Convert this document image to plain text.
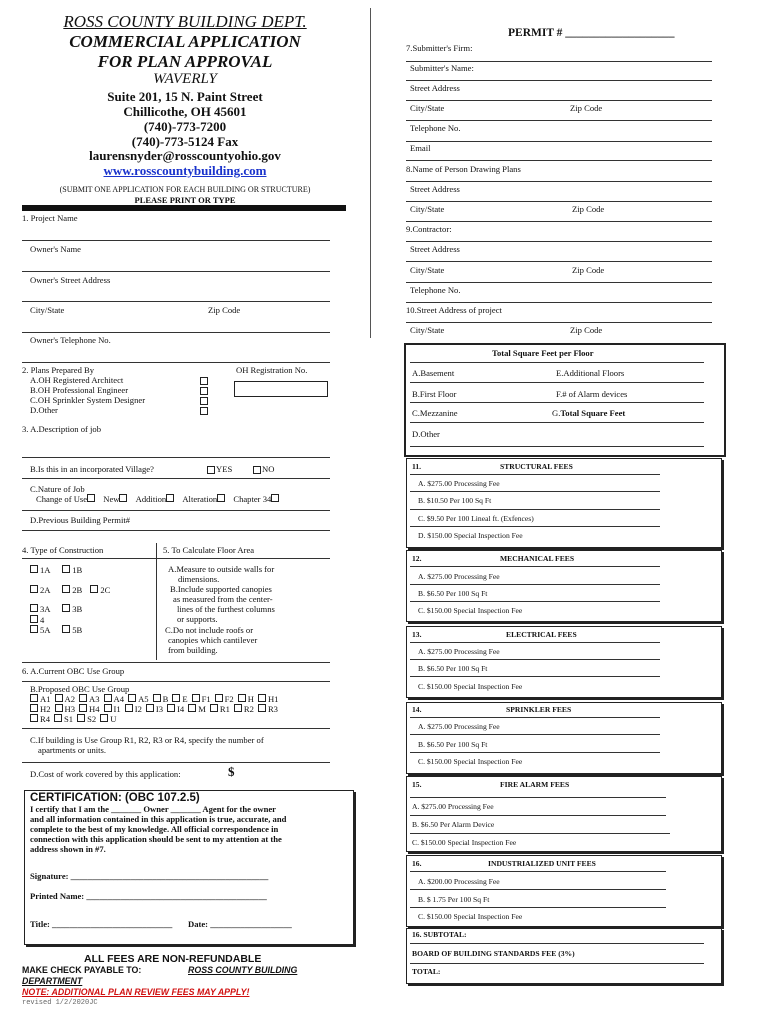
ROSS COUNTY BUILDING DEPT.
COMMERCIAL APPLICATION
FOR PLAN APPROVAL
WAVERLY
Suite 201, 15 N. Paint Street
Chillicothe, OH 45601
(740)-773-7200
(740)-773-5124 Fax
laurensnyder@rosscountyohio.gov
www.rosscountybuilding.com
(SUBMIT ONE APPLICATION FOR EACH BUILDING OR STRUCTURE)
PLEASE PRINT OR TYPE
1. Project Name
Owner's Name
Owner's Street Address
City/State	Zip Code
Owner's Telephone No.
2. Plans Prepared By	OH Registration No.
A.OH Registered Architect
B.OH Professional Engineer
C.OH Sprinkler System Designer
D.Other
3. A.Description of job
B.Is this in an incorporated Village?	YES	NO
C.Nature of Job
Change of Use New Addition Alteration Chapter 34
D.Previous Building Permit#
4. Type of Construction	5. To Calculate Floor Area
1A	1B
2A	2B 2C
3A	3B
4
5A	5B
A.Measure to outside walls for
dimensions.
B.Include supported canopies
as measured from the center-
lines of the furthest columns
or supports.
C.Do not include roofs or
canopies which cantilever
from building.
6. A.Current OBC Use Group
B.Proposed OBC Use Group
A1 A2 A3 A4 A5 B E F1 F2 H H1
H2 H3 H4 I1 I2 I3 I4 M R1 R2 R3
R4 S1 S2 U
C.If building is Use Group R1, R2, R3 or R4, specify the number of
apartments or units.
D.Cost of work covered by this application:	$
CERTIFICATION: (OBC 107.2.5)
I certify that I am the _______ Owner _______ Agent for the owner
and all information contained in this application is true, accurate, and
complete to the best of my knowledge. All official correspondence in
connection with this application should be sent to my attention at the
address shown in #7.
Signature: ______________________________________________
Printed Name: __________________________________________
Title: ____________________________ Date: ___________________
ALL FEES ARE NON-REFUNDABLE
MAKE CHECK PAYABLE TO:	ROSS COUNTY BUILDING
DEPARTMENT
NOTE: ADDITIONAL PLAN REVIEW FEES MAY APPLY!
revised 1/2/2020JC
PERMIT # ___________________
7.Submitter's Firm:
Submitter's Name:
Street Address
City/State	Zip Code
Telephone No.
Email
8.Name of Person Drawing Plans
Street Address
City/State	Zip Code
9.Contractor:
Street Address
City/State	Zip Code
Telephone No.
10.Street Address of project
City/State	Zip Code
Total Square Feet per Floor
A.Basement	E.Additional Floors
B.First Floor	F.# of Alarm devices
C.Mezzanine	G.Total Square Feet
D.Other
11.	STRUCTURAL FEES
A. $275.00 Processing Fee
B. $10.50 Per 100 Sq Ft
C. $9.50 Per 100 Lineal ft. (Exfences)
D. $150.00 Special Inspection Fee
12.	MECHANICAL FEES
A. $275.00 Processing Fee
B. $6.50 Per 100 Sq Ft
C. $150.00 Special Inspection Fee
13.	ELECTRICAL FEES
A. $275.00 Processing Fee
B. $6.50 Per 100 Sq Ft
C. $150.00 Special Inspection Fee
14.	SPRINKLER FEES
A. $275.00 Processing Fee
B. $6.50 Per 100 Sq Ft
C. $150.00 Special Inspection Fee
15.	FIRE ALARM FEES
A. $275.00 Processing Fee
B. $6.50 Per Alarm Device
C. $150.00 Special Inspection Fee
16.	INDUSTRIALIZED UNIT FEES
A. $200.00 Processing Fee
B. $ 1.75 Per 100 Sq Ft
C. $150.00 Special Inspection Fee
16. SUBTOTAL:
BOARD OF BUILDING STANDARDS FEE (3%)
TOTAL:
